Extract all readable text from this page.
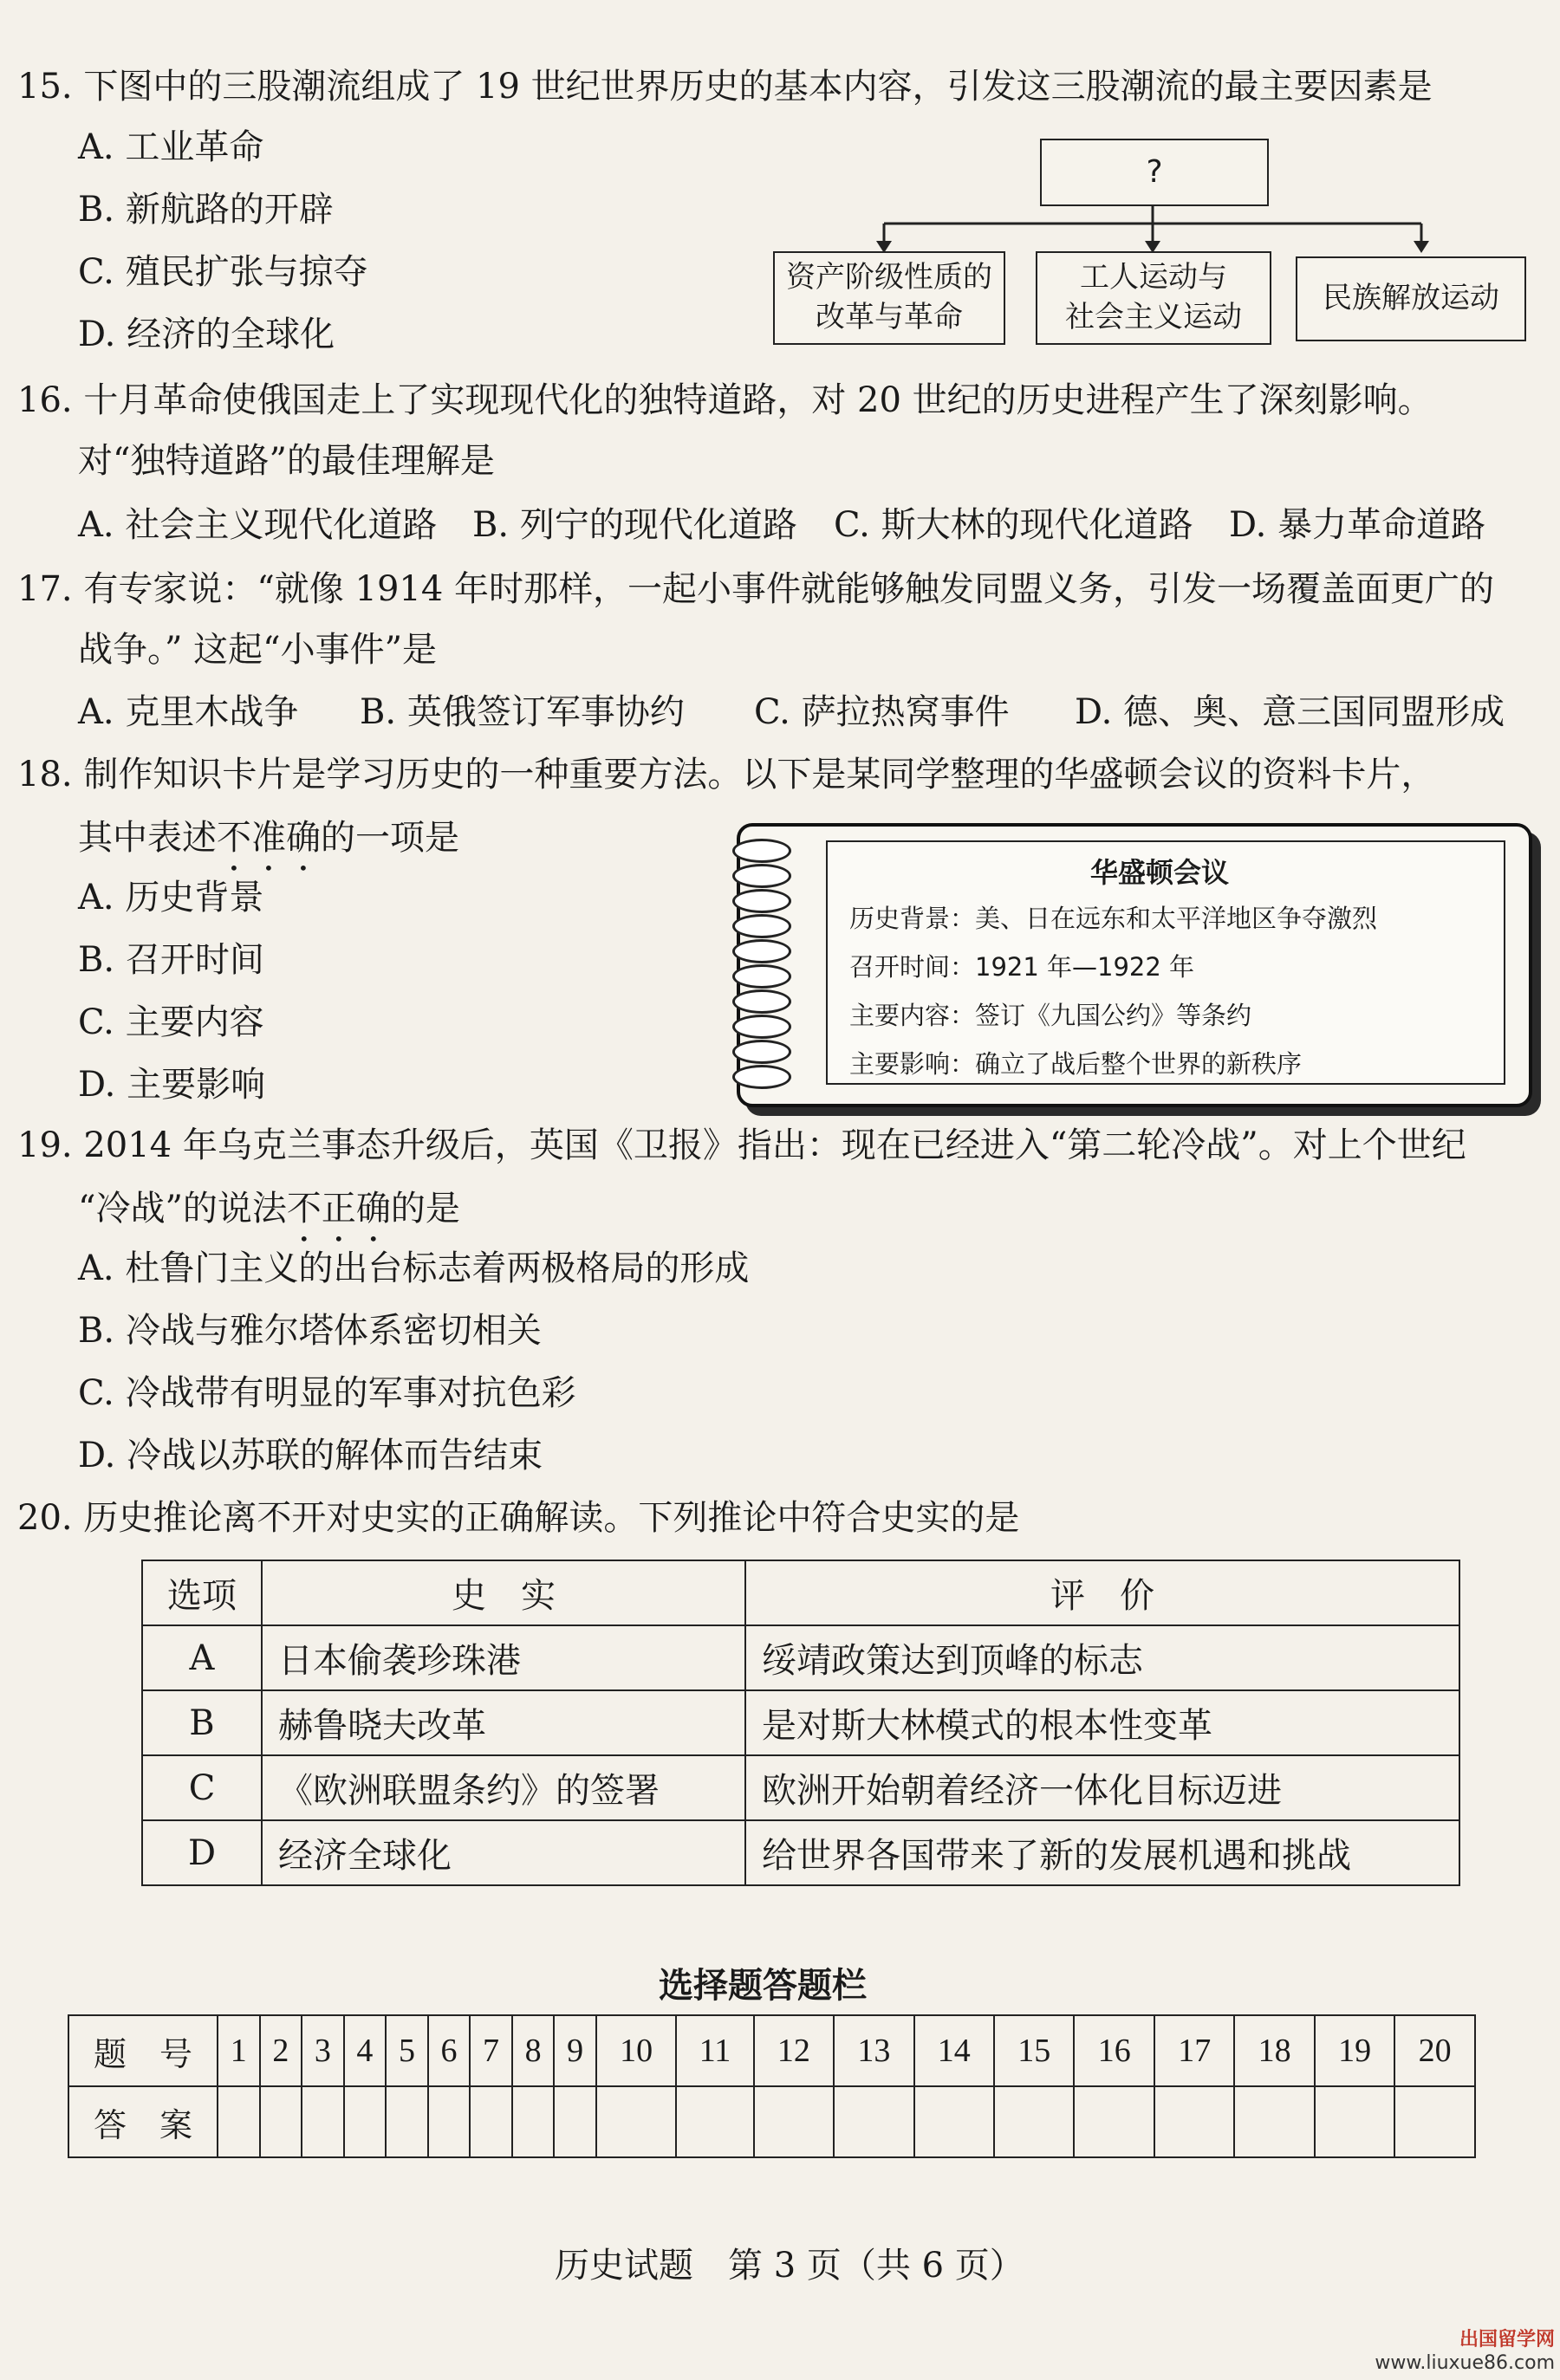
15. 下图中的三股潮流组成了 19 世纪世界历史的基本内容，引发这三股潮流的最主要因素是
A. 工业革命
B. 新航路的开辟
C. 殖民扩张与掠夺
D. 经济的全球化
?
资产阶级性质的
改革与革命
工人运动与
社会主义运动
民族解放运动
16. 十月革命使俄国走上了实现现代化的独特道路，对 20 世纪的历史进程产生了深刻影响。
对“独特道路”的最佳理解是
A. 社会主义现代化道路 B. 列宁的现代化道路 C. 斯大林的现代化道路 D. 暴力革命道路
17. 有专家说：“就像 1914 年时那样，一起小事件就能够触发同盟义务，引发一场覆盖面更广的
战争。” 这起“小事件”是
A. 克里木战争 B. 英俄签订军事协约 C. 萨拉热窝事件 D. 德、奥、意三国同盟形成
18. 制作知识卡片是学习历史的一种重要方法。以下是某同学整理的华盛顿会议的资料卡片，
其中表述不准确的一项是
A. 历史背景
B. 召开时间
C. 主要内容
D. 主要影响
华盛顿会议
历史背景：美、日在远东和太平洋地区争夺激烈
召开时间：1921 年—1922 年
主要内容：签订《九国公约》等条约
主要影响：确立了战后整个世界的新秩序
19. 2014 年乌克兰事态升级后，英国《卫报》指出：现在已经进入“第二轮冷战”。对上个世纪
“冷战”的说法不正确的是
A. 杜鲁门主义的出台标志着两极格局的形成
B. 冷战与雅尔塔体系密切相关
C. 冷战带有明显的军事对抗色彩
D. 冷战以苏联的解体而告结束
20. 历史推论离不开对史实的正确解读。下列推论中符合史实的是
选项	史　实	评　价
A	日本偷袭珍珠港	绥靖政策达到顶峰的标志
B	赫鲁晓夫改革	是对斯大林模式的根本性变革
C	《欧洲联盟条约》的签署	欧洲开始朝着经济一体化目标迈进
D	经济全球化	给世界各国带来了新的发展机遇和挑战
选择题答题栏
题　号	1	2	3	4	5	6	7	8	9	10	11	12	13	14	15	16	17	18	19	20
答　案																				
历史试题　第 3 页（共 6 页）
出国留学网
www.liuxue86.com
